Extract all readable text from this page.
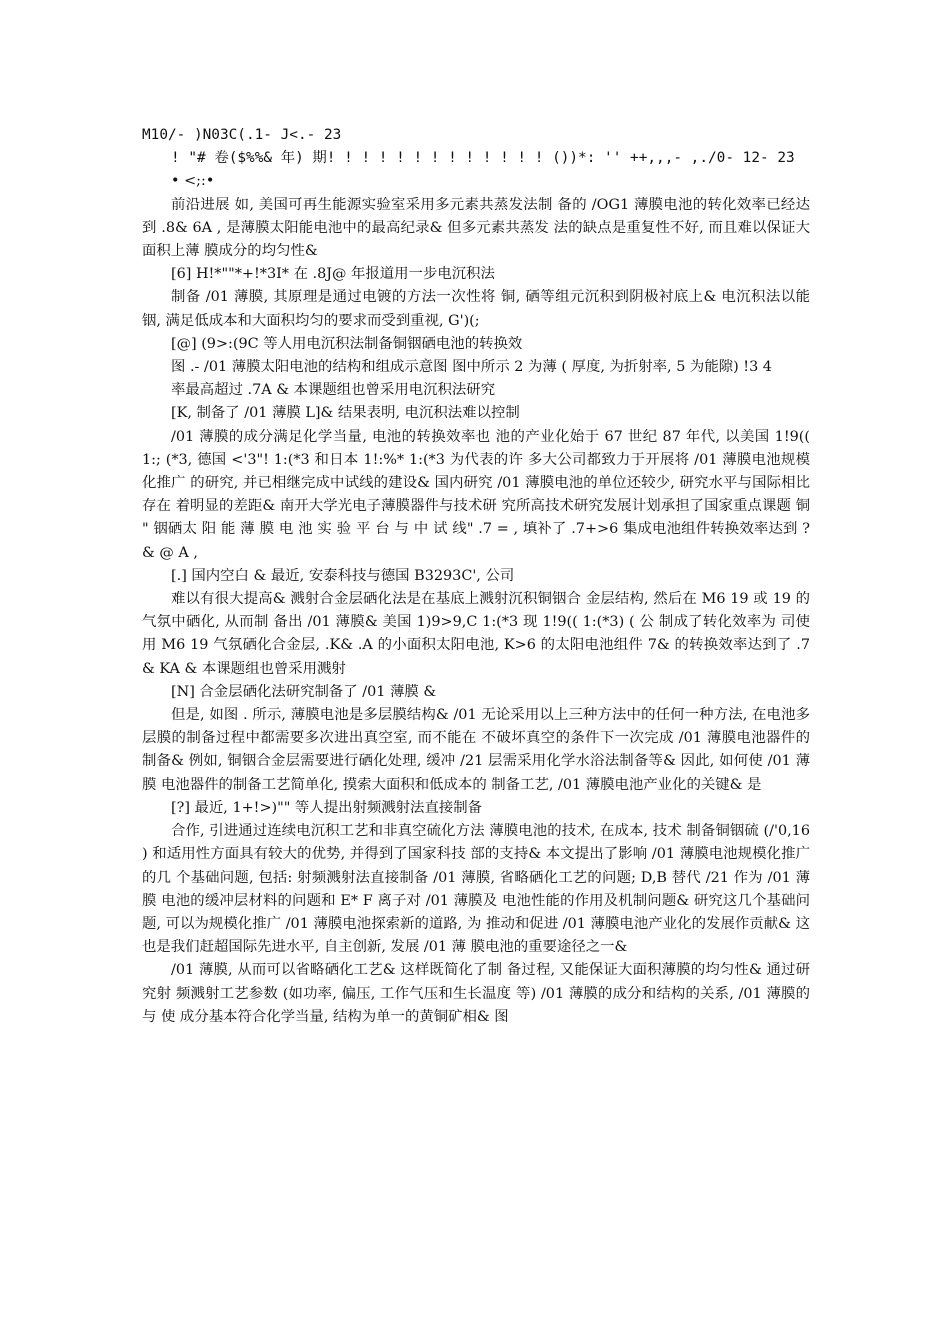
M10/- )N03C(.1- J<.- 23

! "# 卷($%%& 年) 期! ! ! ! ! ! ! ! ! ! ! ! ! ())*: '' ++,,,- ,./0- 12- 23

• <;:•

前沿进展 如, 美国可再生能源实验室采用多元素共蒸发法制 备的 /OG1 薄膜电池的转化效率已经达到 .8& 6A , 是薄膜太阳能电池中的最高纪录& 但多元素共蒸发 法的缺点是重复性不好, 而且难以保证大面积上薄 膜成分的均匀性&

[6] H!*""*+!*3I* 在 .8J@ 年报道用一步电沉积法

制备 /01 薄膜, 其原理是通过电镀的方法一次性将 铜, 硒等组元沉积到阴极衬底上& 电沉积法以能 铟, 满足低成本和大面积均匀的要求而受到重视, G')(;

[@] (9>:(9C 等人用电沉积法制备铜铟硒电池的转换效

图 .- /01 薄膜太阳电池的结构和组成示意图 图中所示 2 为薄 ( 厚度, 为折射率, 5 为能隙) !3 4

率最高超过 .7A & 本课题组也曾采用电沉积法研究

[K, 制备了 /01 薄膜 L]& 结果表明, 电沉积法难以控制

/01 薄膜的成分满足化学当量, 电池的转换效率也 池的产业化始于 67 世纪 87 年代, 以美国 1!9(( 1:; (*3, 德国 <'3"! 1:(*3 和日本 1!:%* 1:(*3 为代表的许 多大公司都致力于开展将 /01 薄膜电池规模化推广 的研究, 并已相继完成中试线的建设& 国内研究 /01 薄膜电池的单位还较少, 研究水平与国际相比存在 着明显的差距& 南开大学光电子薄膜器件与技术研 究所高技术研究发展计划承担了国家重点课题 铜 " 铟硒太 阳 能 薄 膜 电 池 实 验 平 台 与 中 试 线" .7 = , 填补了 .7+>6 集成电池组件转换效率达到 ?& @ A ,

[.] 国内空白 & 最近, 安泰科技与德国 B3293C', 公司

难以有很大提高& 溅射合金层硒化法是在基底上溅射沉积铜铟合 金层结构, 然后在 M6 19 或 19 的气氛中硒化, 从而制 备出 /01 薄膜& 美国 1)9>9,C 1:(*3 现 1!9(( 1:(*3) ( 公 制成了转化效率为 司使用 M6 19 气氛硒化合金层, .K& .A 的小面积太阳电池, K>6 的太阳电池组件 7& 的转换效率达到了 .7& KA & 本课题组也曾采用溅射

[N] 合金层硒化法研究制备了 /01 薄膜 &

但是, 如图 . 所示, 薄膜电池是多层膜结构& /01 无论采用以上三种方法中的任何一种方法, 在电池多 层膜的制备过程中都需要多次进出真空室, 而不能在 不破坏真空的条件下一次完成 /01 薄膜电池器件的 制备& 例如, 铜铟合金层需要进行硒化处理, 缓冲 /21 层需采用化学水浴法制备等& 因此, 如何使 /01 薄膜 电池器件的制备工艺简单化, 摸索大面积和低成本的 制备工艺, /01 薄膜电池产业化的关键& 是

[?] 最近, 1+!>)"" 等人提出射频溅射法直接制备

合作, 引进通过连续电沉积工艺和非真空硫化方法 薄膜电池的技术, 在成本, 技术 制备铜铟硫 (/'0,16 ) 和适用性方面具有较大的优势, 并得到了国家科技 部的支持& 本文提出了影响 /01 薄膜电池规模化推广的几 个基础问题, 包括: 射频溅射法直接制备 /01 薄膜, 省略硒化工艺的问题; D,B 替代 /21 作为 /01 薄膜 电池的缓冲层材料的问题和 E* F 离子对 /01 薄膜及 电池性能的作用及机制问题& 研究这几个基础问题, 可以为规模化推广 /01 薄膜电池探索新的道路, 为 推动和促进 /01 薄膜电池产业化的发展作贡献& 这 也是我们赶超国际先进水平, 自主创新, 发展 /01 薄 膜电池的重要途径之一&

/01 薄膜, 从而可以省略硒化工艺& 这样既简化了制 备过程, 又能保证大面积薄膜的均匀性& 通过研究射 频溅射工艺参数 (如功率, 偏压, 工作气压和生长温度 等) /01 薄膜的成分和结构的关系, /01 薄膜的 与 使 成分基本符合化学当量, 结构为单一的黄铜矿相& 图
